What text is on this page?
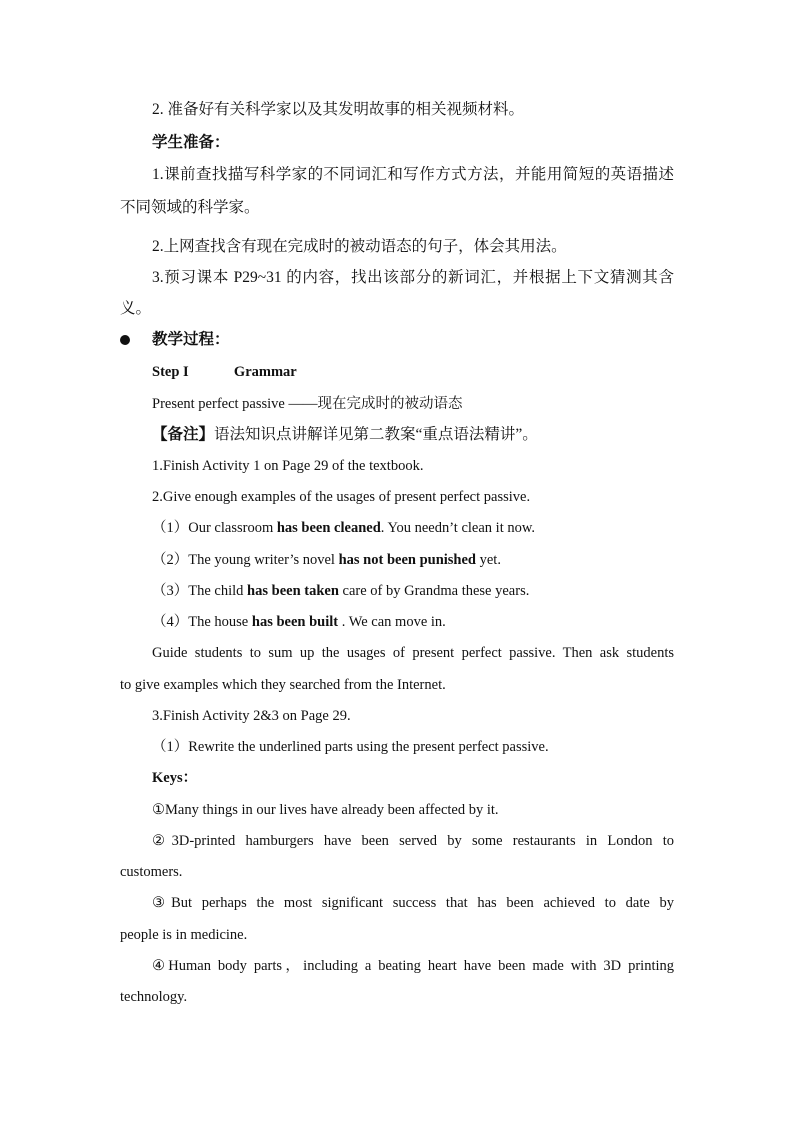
2. 准备好有关科学家以及其发明故事的相关视频材料。
学生准备：
1.课前查找描写科学家的不同词汇和写作方式方法，并能用简短的英语描述
不同领域的科学家。
2.上网查找含有现在完成时的被动语态的句子，体会其用法。
3.预习课本 P29~31 的内容，找出该部分的新词汇，并根据上下文猜测其含
义。
教学过程：
Step I	Grammar
Present perfect passive ——现在完成时的被动语态
【备注】语法知识点讲解详见第二教案“重点语法精讲”。
1.Finish Activity 1 on Page 29 of the textbook.
2.Give enough examples of the usages of present perfect passive.
（1）Our classroom has been cleaned. You needn’t clean it now.
（2）The young writer’s novel has not been punished yet.
（3）The child has been taken care of by Grandma these years.
（4）The house has been built . We can move in.
Guide students to sum up the usages of present perfect passive. Then ask students
to give examples which they searched from the Internet.
3.Finish Activity 2&3 on Page 29.
（1）Rewrite the underlined parts using the present perfect passive.
Keys：
①Many things in our lives have already been affected by it.
②3D-printed hamburgers have been served by some restaurants in London to
customers.
③But perhaps the most significant success that has been achieved to date by
people is in medicine.
④Human body parts，including a beating heart have been made with 3D printing
technology.
